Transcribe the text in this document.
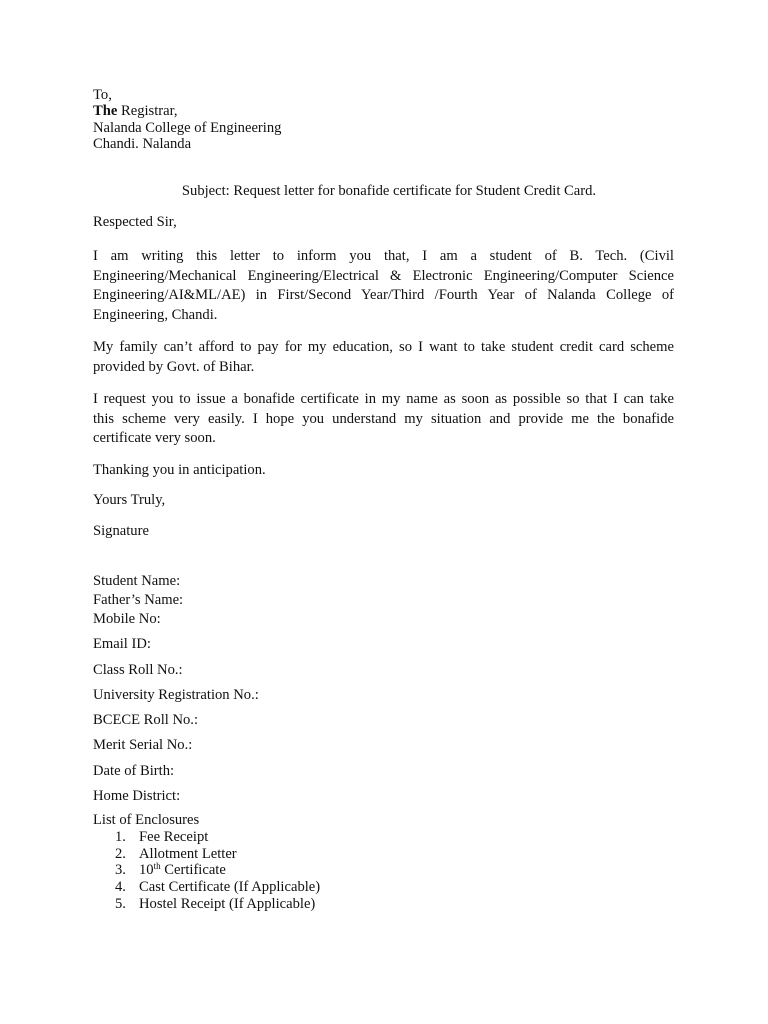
To,
The Registrar,
Nalanda College of Engineering
Chandi. Nalanda
Subject: Request letter for bonafide certificate for Student Credit Card.
Respected Sir,
I am writing this letter to inform you that, I am a student of B. Tech. (Civil
Engineering/Mechanical Engineering/Electrical & Electronic Engineering/Computer Science
Engineering/AI&ML/AE) in First/Second Year/Third /Fourth Year of Nalanda College of
Engineering, Chandi.
My family can’t afford to pay for my education, so I want to take student credit card scheme
provided by Govt. of Bihar.
I request you to issue a bonafide certificate in my name as soon as possible so that I can take
this scheme very easily. I hope you understand my situation and provide me the bonafide
certificate very soon.
Thanking you in anticipation.
Yours Truly,
Signature
Student Name:
Father’s Name:
Mobile No:
Email ID:
Class Roll No.:
University Registration No.:
BCECE Roll No.:
Merit Serial No.:
Date of Birth:
Home District:
List of Enclosures
1. Fee Receipt
2. Allotment Letter
3. 10th Certificate
4. Cast Certificate (If Applicable)
5. Hostel Receipt (If Applicable)
